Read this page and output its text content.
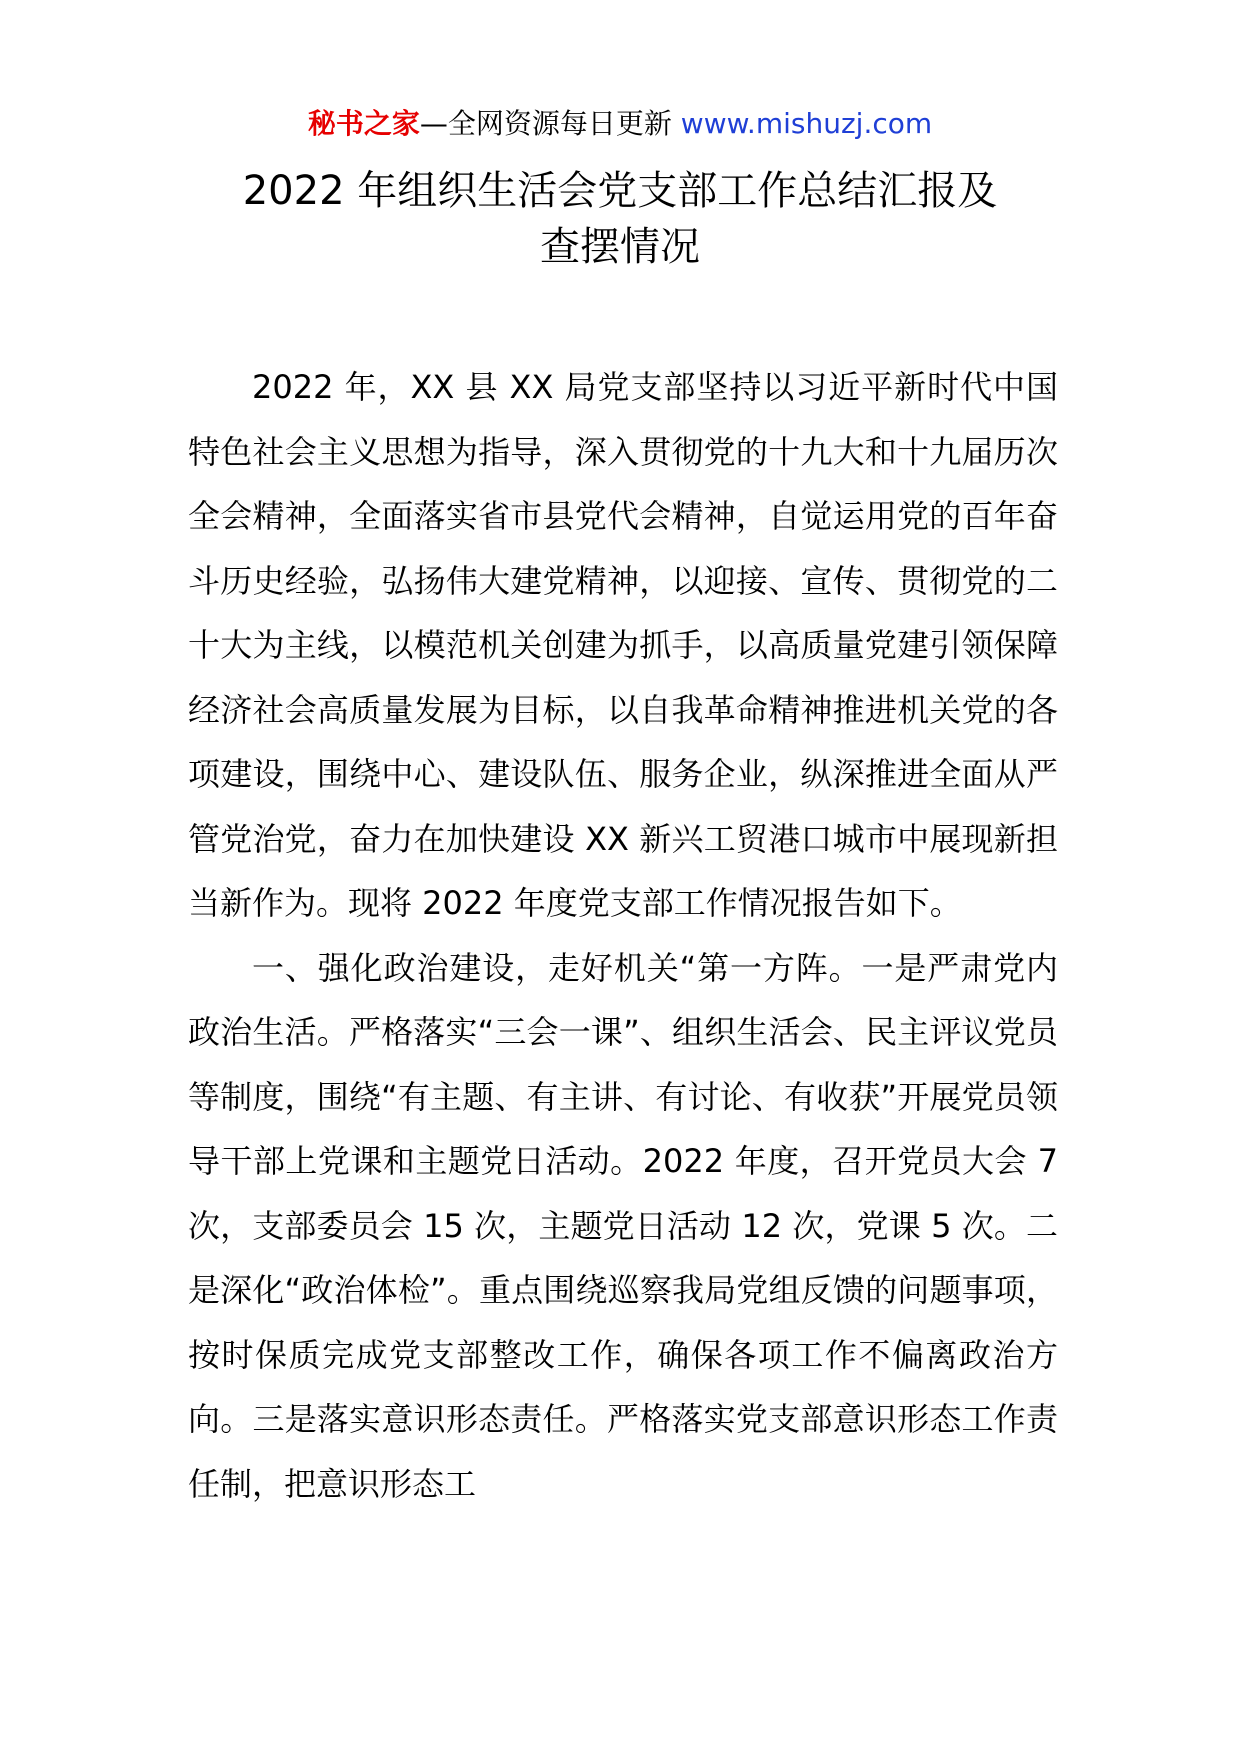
秘书之家—全网资源每日更新 www.mishuzj.com
2022 年组织生活会党支部工作总结汇报及
查摆情况

2022 年，XX 县 XX 局党支部坚持以习近平新时代中国特色社会主义思想为指导，深入贯彻党的十九大和十九届历次全会精神，全面落实省市县党代会精神，自觉运用党的百年奋斗历史经验，弘扬伟大建党精神，以迎接、宣传、贯彻党的二十大为主线，以模范机关创建为抓手，以高质量党建引领保障经济社会高质量发展为目标，以自我革命精神推进机关党的各项建设，围绕中心、建设队伍、服务企业，纵深推进全面从严管党治党，奋力在加快建设 XX 新兴工贸港口城市中展现新担当新作为。现将 2022 年度党支部工作情况报告如下。

一、强化政治建设，走好机关“第一方阵。一是严肃党内政治生活。严格落实“三会一课”、组织生活会、民主评议党员等制度，围绕“有主题、有主讲、有讨论、有收获”开展党员领导干部上党课和主题党日活动。2022 年度，召开党员大会 7 次，支部委员会 15 次，主题党日活动 12 次，党课 5 次。二是深化“政治体检”。重点围绕巡察我局党组反馈的问题事项，按时保质完成党支部整改工作，确保各项工作不偏离政治方向。三是落实意识形态责任。严格落实党支部意识形态工作责任制，把意识形态工
